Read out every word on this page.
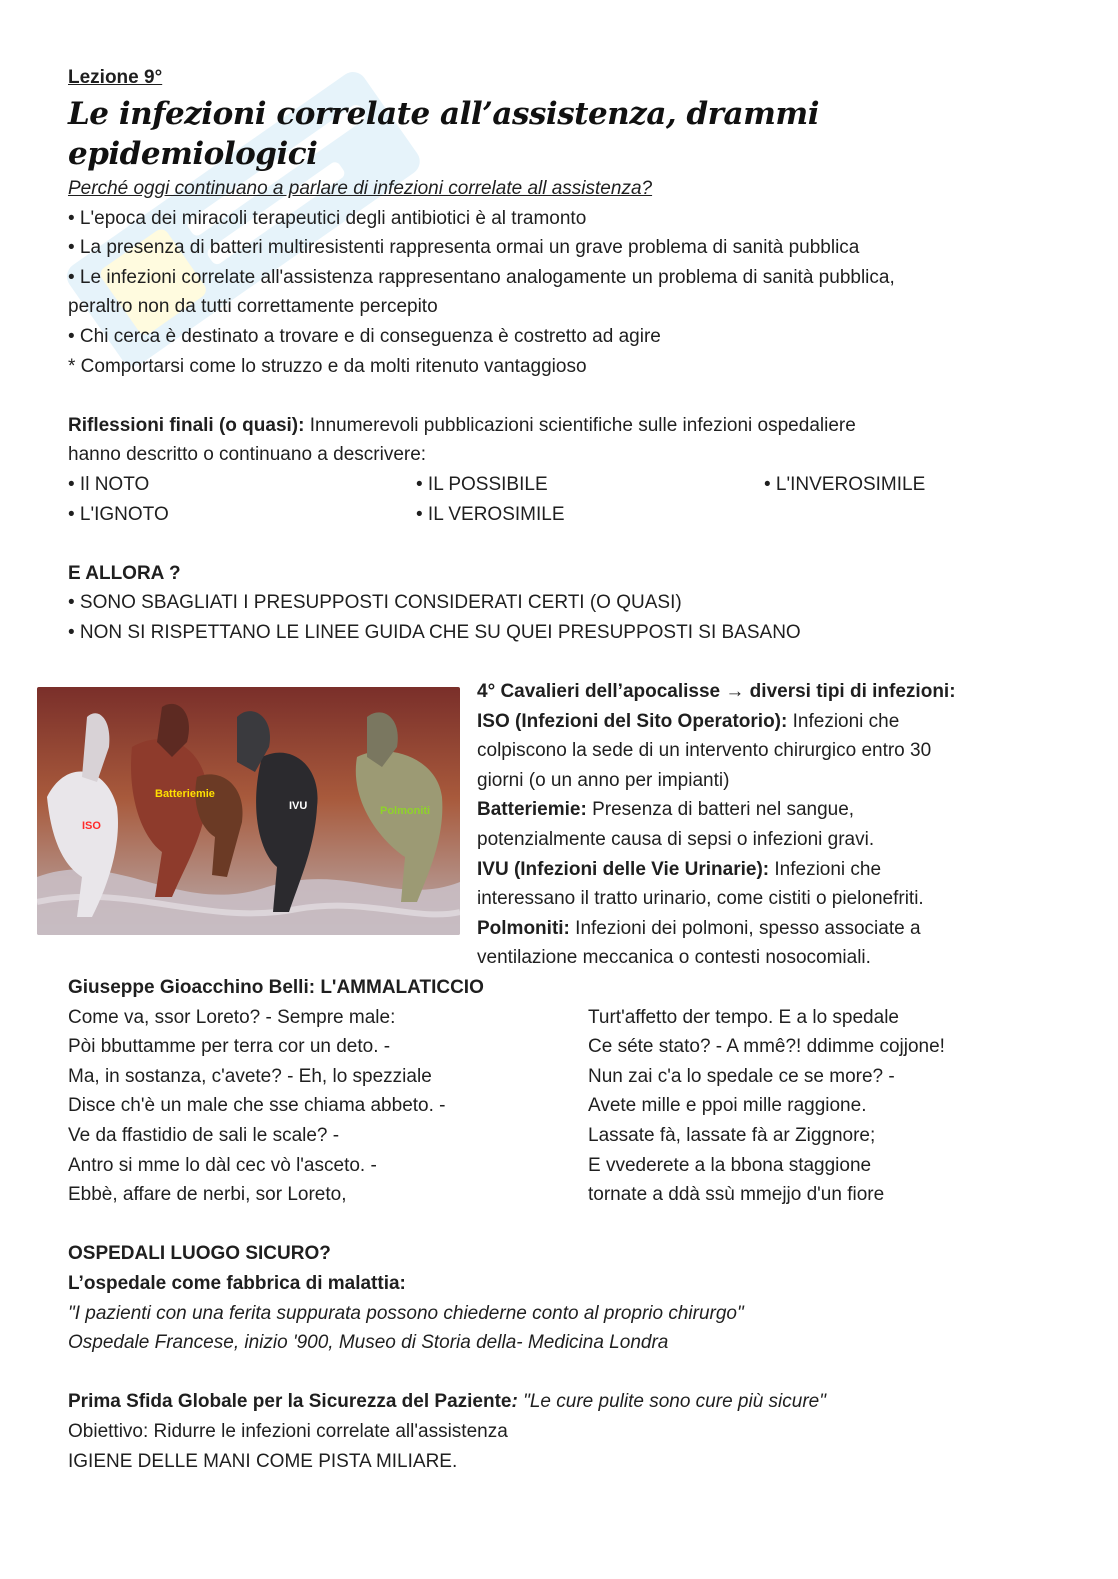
Lezione 9°
Le infezioni correlate all’assistenza, drammi epidemiologici
Perché oggi continuano a parlare di infezioni correlate all assistenza?
• L'epoca dei miracoli terapeutici degli antibiotici è al tramonto
• La presenza di batteri multiresistenti rappresenta ormai un grave problema di sanità pubblica
• Le infezioni correlate all'assistenza rappresentano analogamente un problema di sanità pubblica,
peraltro non da tutti correttamente percepito
• Chi cerca è destinato a trovare e di conseguenza è costretto ad agire
* Comportarsi come lo struzzo e da molti ritenuto vantaggioso
Riflessioni finali (o quasi): Innumerevoli pubblicazioni scientifiche sulle infezioni ospedaliere
hanno descritto o continuano a descrivere:
• Il NOTO	• IL POSSIBILE	• L'INVEROSIMILE
• L'IGNOTO	• IL VEROSIMILE
E ALLORA ?
• SONO SBAGLIATI I PRESUPPOSTI CONSIDERATI CERTI (O QUASI)
• NON SI RISPETTANO LE LINEE GUIDA CHE SU QUEI PRESUPPOSTI SI BASANO
ISO
Batteriemie
IVU	Polmoniti
4° Cavalieri dell’apocalisse → diversi tipi di infezioni:
ISO (Infezioni del Sito Operatorio): Infezioni che
colpiscono la sede di un intervento chirurgico entro 30
giorni (o un anno per impianti)
Batteriemie: Presenza di batteri nel sangue,
potenzialmente causa di sepsi o infezioni gravi.
IVU (Infezioni delle Vie Urinarie): Infezioni che
interessano il tratto urinario, come cistiti o pielonefriti.
Polmoniti: Infezioni dei polmoni, spesso associate a
ventilazione meccanica o contesti nosocomiali.
Giuseppe Gioacchino Belli: L'AMMALATICCIO
Come va, ssor Loreto? - Sempre male:
Pòi bbuttamme per terra cor un deto. -
Ma, in sostanza, c'avete? - Eh, lo spezziale
Disce ch'è un male che sse chiama abbeto. -
Ve da ffastidio de sali le scale? -
Antro si mme lo dàl cec vò l'asceto. -
Ebbè, affare de nerbi, sor Loreto,
Turt'affetto der tempo. E a lo spedale
Ce séte stato? - A mmê?! ddimme cojjone!
Nun zai c'a lo spedale ce se more? -
Avete mille e ppoi mille raggione.
Lassate fà, lassate fà ar Ziggnore;
E vvederete a la bbona staggione
tornate a ddà ssù mmejjo d'un fiore
OSPEDALI LUOGO SICURO?
L’ospedale come fabbrica di malattia:
"I pazienti con una ferita suppurata possono chiederne conto al proprio chirurgo"
Ospedale Francese, inizio '900, Museo di Storia della- Medicina Londra
Prima Sfida Globale per la Sicurezza del Paziente: "Le cure pulite sono cure più sicure"
Obiettivo: Ridurre le infezioni correlate all'assistenza
IGIENE DELLE MANI COME PISTA MILIARE.
